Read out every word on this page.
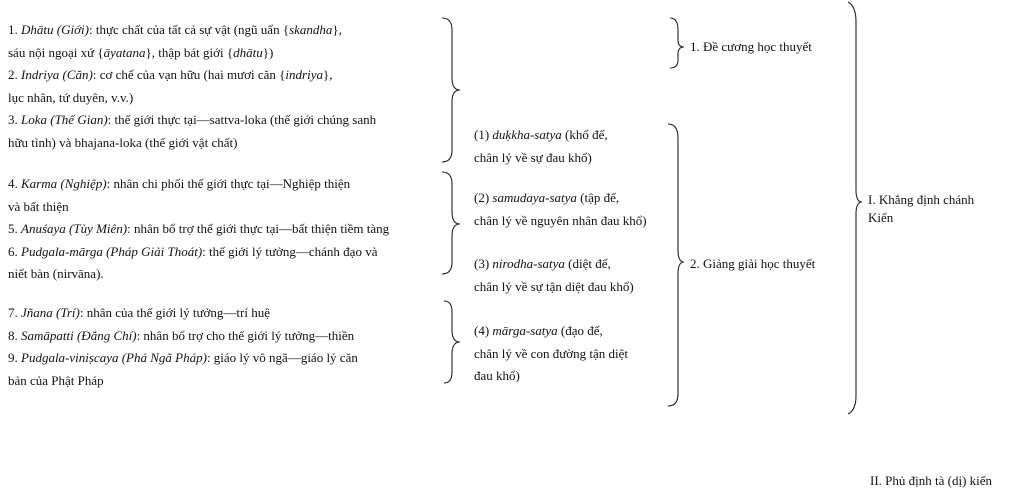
1. Dhātu (Giới): thực chất của tất cả sự vật (ngũ uẩn {skandha},
sáu nội ngoại xứ {āyatana}, thập bát giới {dhātu})
2. Indriya (Căn): cơ chế của vạn hữu (hai mươi căn {indriya},
lục nhân, tứ duyên, v.v.)
3. Loka (Thế Gian): thế giới thực tại—sattva-loka (thế giới chúng sanh
hữu tình) và bhajana-loka (thế giới vật chất)
4. Karma (Nghiệp): nhân chi phối thế giới thực tại—Nghiệp thiện
và bất thiện
5. Anuśaya (Tùy Miên): nhân bổ trợ thế giới thực tại—bất thiện tiềm tàng
6. Pudgala-mārga (Pháp Giải Thoát): thế giới lý tưởng—chánh đạo và
niết bàn (nirvāna).
7. Jñana (Trí): nhân của thế giới lý tưởng—trí huệ
8. Samāpatti (Đẳng Chí): nhân bổ trợ cho thế giới lý tưởng—thiền
9. Pudgala-viniṣcaya (Phá Ngã Pháp): giáo lý vô ngã—giáo lý căn
bản của Phật Pháp
(1) duḳkha-satya (khổ đế,
chân lý về sự đau khổ)
(2) samudaya-satya (tập đế,
chân lý về nguyên nhân đau khổ)
(3) nirodha-satya (diệt đế,
chân lý về sự tận diệt đau khổ)
(4) mārga-satya (đạo đế,
chân lý về con đường tận diệt
đau khổ)
1. Đề cương học thuyết
2. Giảng giải học thuyết
I. Khẳng định chánh
Kiến
II. Phủ định tà (dị) kiến
